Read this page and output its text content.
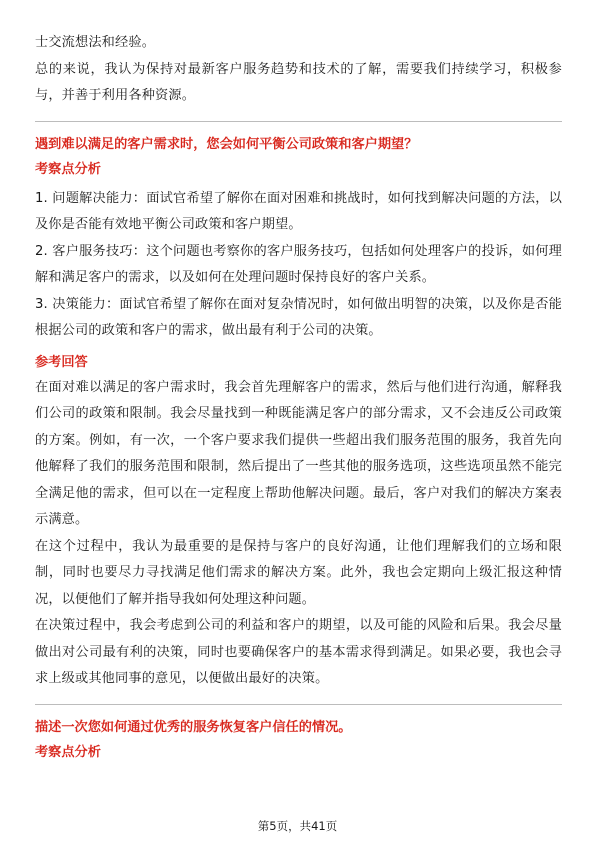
士交流想法和经验。

总的来说，我认为保持对最新客户服务趋势和技术的了解，需要我们持续学习，积极参与，并善于利用各种资源。

遇到难以满足的客户需求时，您会如何平衡公司政策和客户期望？
考察点分析

1. 问题解决能力：面试官希望了解你在面对困难和挑战时，如何找到解决问题的方法，以及你是否能有效地平衡公司政策和客户期望。

2. 客户服务技巧：这个问题也考察你的客户服务技巧，包括如何处理客户的投诉，如何理解和满足客户的需求，以及如何在处理问题时保持良好的客户关系。

3. 决策能力：面试官希望了解你在面对复杂情况时，如何做出明智的决策，以及你是否能根据公司的政策和客户的需求，做出最有利于公司的决策。

参考回答

在面对难以满足的客户需求时，我会首先理解客户的需求，然后与他们进行沟通，解释我们公司的政策和限制。我会尽量找到一种既能满足客户的部分需求，又不会违反公司政策的方案。例如，有一次，一个客户要求我们提供一些超出我们服务范围的服务，我首先向他解释了我们的服务范围和限制，然后提出了一些其他的服务选项，这些选项虽然不能完全满足他的需求，但可以在一定程度上帮助他解决问题。最后，客户对我们的解决方案表示满意。

在这个过程中，我认为最重要的是保持与客户的良好沟通，让他们理解我们的立场和限制，同时也要尽力寻找满足他们需求的解决方案。此外，我也会定期向上级汇报这种情况，以便他们了解并指导我如何处理这种问题。

在决策过程中，我会考虑到公司的利益和客户的期望，以及可能的风险和后果。我会尽量做出对公司最有利的决策，同时也要确保客户的基本需求得到满足。如果必要，我也会寻求上级或其他同事的意见，以便做出最好的决策。

描述一次您如何通过优秀的服务恢复客户信任的情况。
考察点分析
第5页，共41页
